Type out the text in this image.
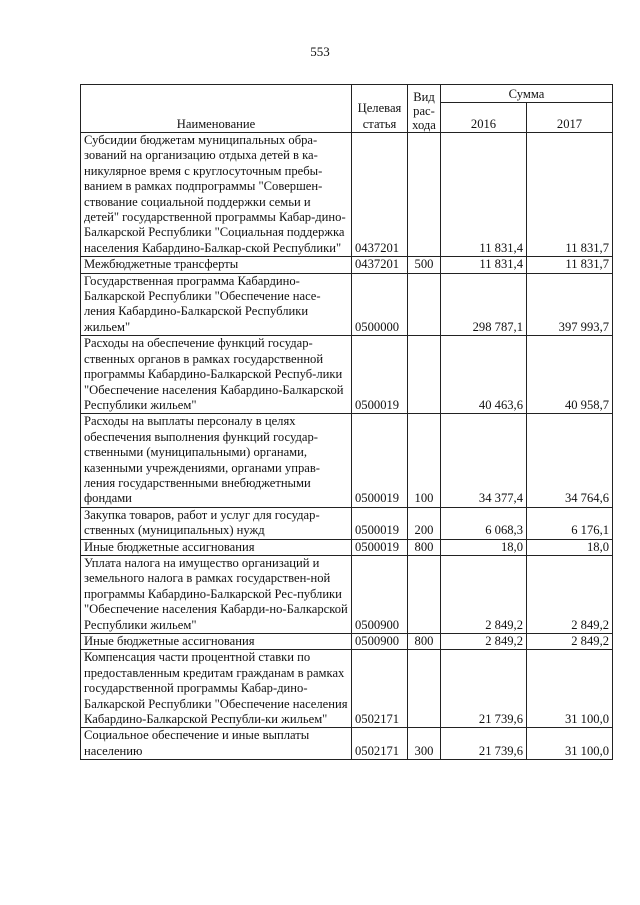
553
Наименование	Целевая статья	Вид рас-хода	Сумма	
			2016	2017
Субсидии бюджетам муниципальных обра-зований на организацию отдыха детей в ка-никулярное время с круглосуточным пребы-ванием в рамках подпрограммы "Совершен-ствование социальной поддержки семьи и детей" государственной программы Кабар-дино-Балкарской Республики "Социальная поддержка населения Кабардино-Балкар-ской Республики"	0437201		11 831,4	11 831,7
Межбюджетные трансферты	0437201	500	11 831,4	11 831,7
Государственная программа Кабардино-Балкарской Республики "Обеспечение насе-ления Кабардино-Балкарской Республики жильем"	0500000		298 787,1	397 993,7
Расходы на обеспечение функций государ-ственных органов в рамках государственной программы Кабардино-Балкарской Респуб-лики "Обеспечение населения Кабардино-Балкарской Республики жильем"	0500019		40 463,6	40 958,7
Расходы на выплаты персоналу в целях обеспечения выполнения функций государ-ственными (муниципальными) органами, казенными учреждениями, органами управ-ления государственными внебюджетными фондами	0500019	100	34 377,4	34 764,6
Закупка товаров, работ и услуг для государ-ственных (муниципальных) нужд	0500019	200	6 068,3	6 176,1
Иные бюджетные ассигнования	0500019	800	18,0	18,0
Уплата налога на имущество организаций и земельного налога в рамках государствен-ной программы Кабардино-Балкарской Рес-публики "Обеспечение населения Кабарди-но-Балкарской Республики жильем"	0500900		2 849,2	2 849,2
Иные бюджетные ассигнования	0500900	800	2 849,2	2 849,2
Компенсация части процентной ставки по предоставленным кредитам гражданам в рамках государственной программы Кабар-дино-Балкарской Республики "Обеспечение населения Кабардино-Балкарской Республи-ки жильем"	0502171		21 739,6	31 100,0
Социальное обеспечение и иные выплаты населению	0502171	300	21 739,6	31 100,0
